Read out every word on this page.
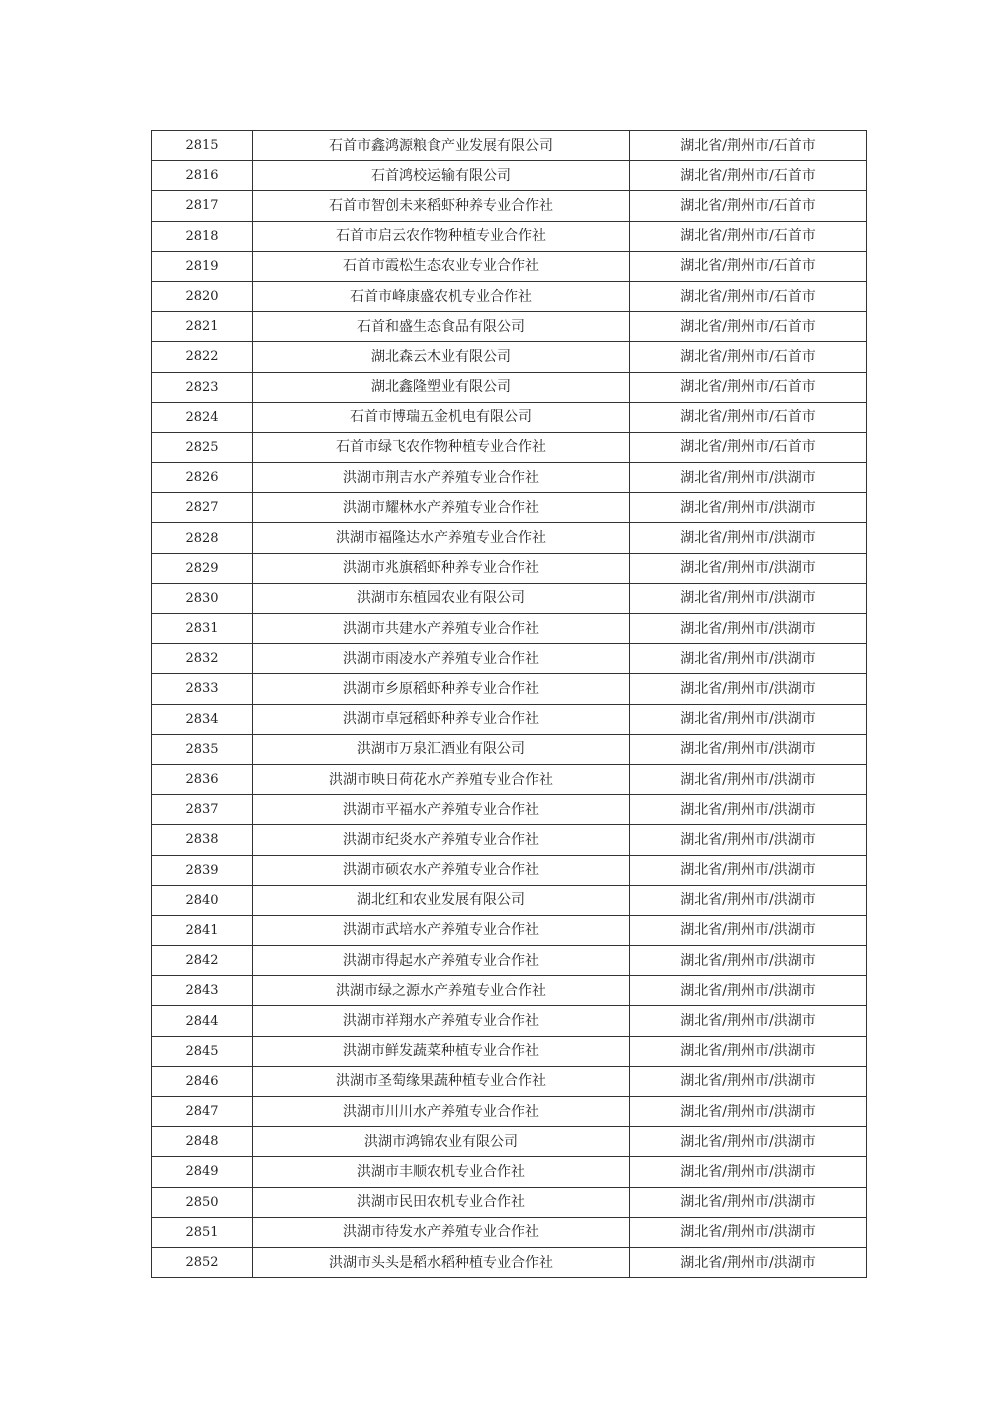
2815	石首市鑫鸿源粮食产业发展有限公司	湖北省/荆州市/石首市
2816	石首鸿校运输有限公司	湖北省/荆州市/石首市
2817	石首市智创未来稻虾种养专业合作社	湖北省/荆州市/石首市
2818	石首市启云农作物种植专业合作社	湖北省/荆州市/石首市
2819	石首市霞松生态农业专业合作社	湖北省/荆州市/石首市
2820	石首市峰康盛农机专业合作社	湖北省/荆州市/石首市
2821	石首和盛生态食品有限公司	湖北省/荆州市/石首市
2822	湖北森云木业有限公司	湖北省/荆州市/石首市
2823	湖北鑫隆塑业有限公司	湖北省/荆州市/石首市
2824	石首市博瑞五金机电有限公司	湖北省/荆州市/石首市
2825	石首市绿飞农作物种植专业合作社	湖北省/荆州市/石首市
2826	洪湖市荆吉水产养殖专业合作社	湖北省/荆州市/洪湖市
2827	洪湖市耀林水产养殖专业合作社	湖北省/荆州市/洪湖市
2828	洪湖市福隆达水产养殖专业合作社	湖北省/荆州市/洪湖市
2829	洪湖市兆旗稻虾种养专业合作社	湖北省/荆州市/洪湖市
2830	洪湖市东植园农业有限公司	湖北省/荆州市/洪湖市
2831	洪湖市共建水产养殖专业合作社	湖北省/荆州市/洪湖市
2832	洪湖市雨凌水产养殖专业合作社	湖北省/荆州市/洪湖市
2833	洪湖市乡原稻虾种养专业合作社	湖北省/荆州市/洪湖市
2834	洪湖市卓冠稻虾种养专业合作社	湖北省/荆州市/洪湖市
2835	洪湖市万泉汇酒业有限公司	湖北省/荆州市/洪湖市
2836	洪湖市映日荷花水产养殖专业合作社	湖北省/荆州市/洪湖市
2837	洪湖市平福水产养殖专业合作社	湖北省/荆州市/洪湖市
2838	洪湖市纪炎水产养殖专业合作社	湖北省/荆州市/洪湖市
2839	洪湖市硕农水产养殖专业合作社	湖北省/荆州市/洪湖市
2840	湖北红和农业发展有限公司	湖北省/荆州市/洪湖市
2841	洪湖市武培水产养殖专业合作社	湖北省/荆州市/洪湖市
2842	洪湖市得起水产养殖专业合作社	湖北省/荆州市/洪湖市
2843	洪湖市绿之源水产养殖专业合作社	湖北省/荆州市/洪湖市
2844	洪湖市祥翔水产养殖专业合作社	湖北省/荆州市/洪湖市
2845	洪湖市鲜发蔬菜种植专业合作社	湖北省/荆州市/洪湖市
2846	洪湖市圣萄缘果蔬种植专业合作社	湖北省/荆州市/洪湖市
2847	洪湖市川川水产养殖专业合作社	湖北省/荆州市/洪湖市
2848	洪湖市鸿锦农业有限公司	湖北省/荆州市/洪湖市
2849	洪湖市丰顺农机专业合作社	湖北省/荆州市/洪湖市
2850	洪湖市民田农机专业合作社	湖北省/荆州市/洪湖市
2851	洪湖市待发水产养殖专业合作社	湖北省/荆州市/洪湖市
2852	洪湖市头头是稻水稻种植专业合作社	湖北省/荆州市/洪湖市
